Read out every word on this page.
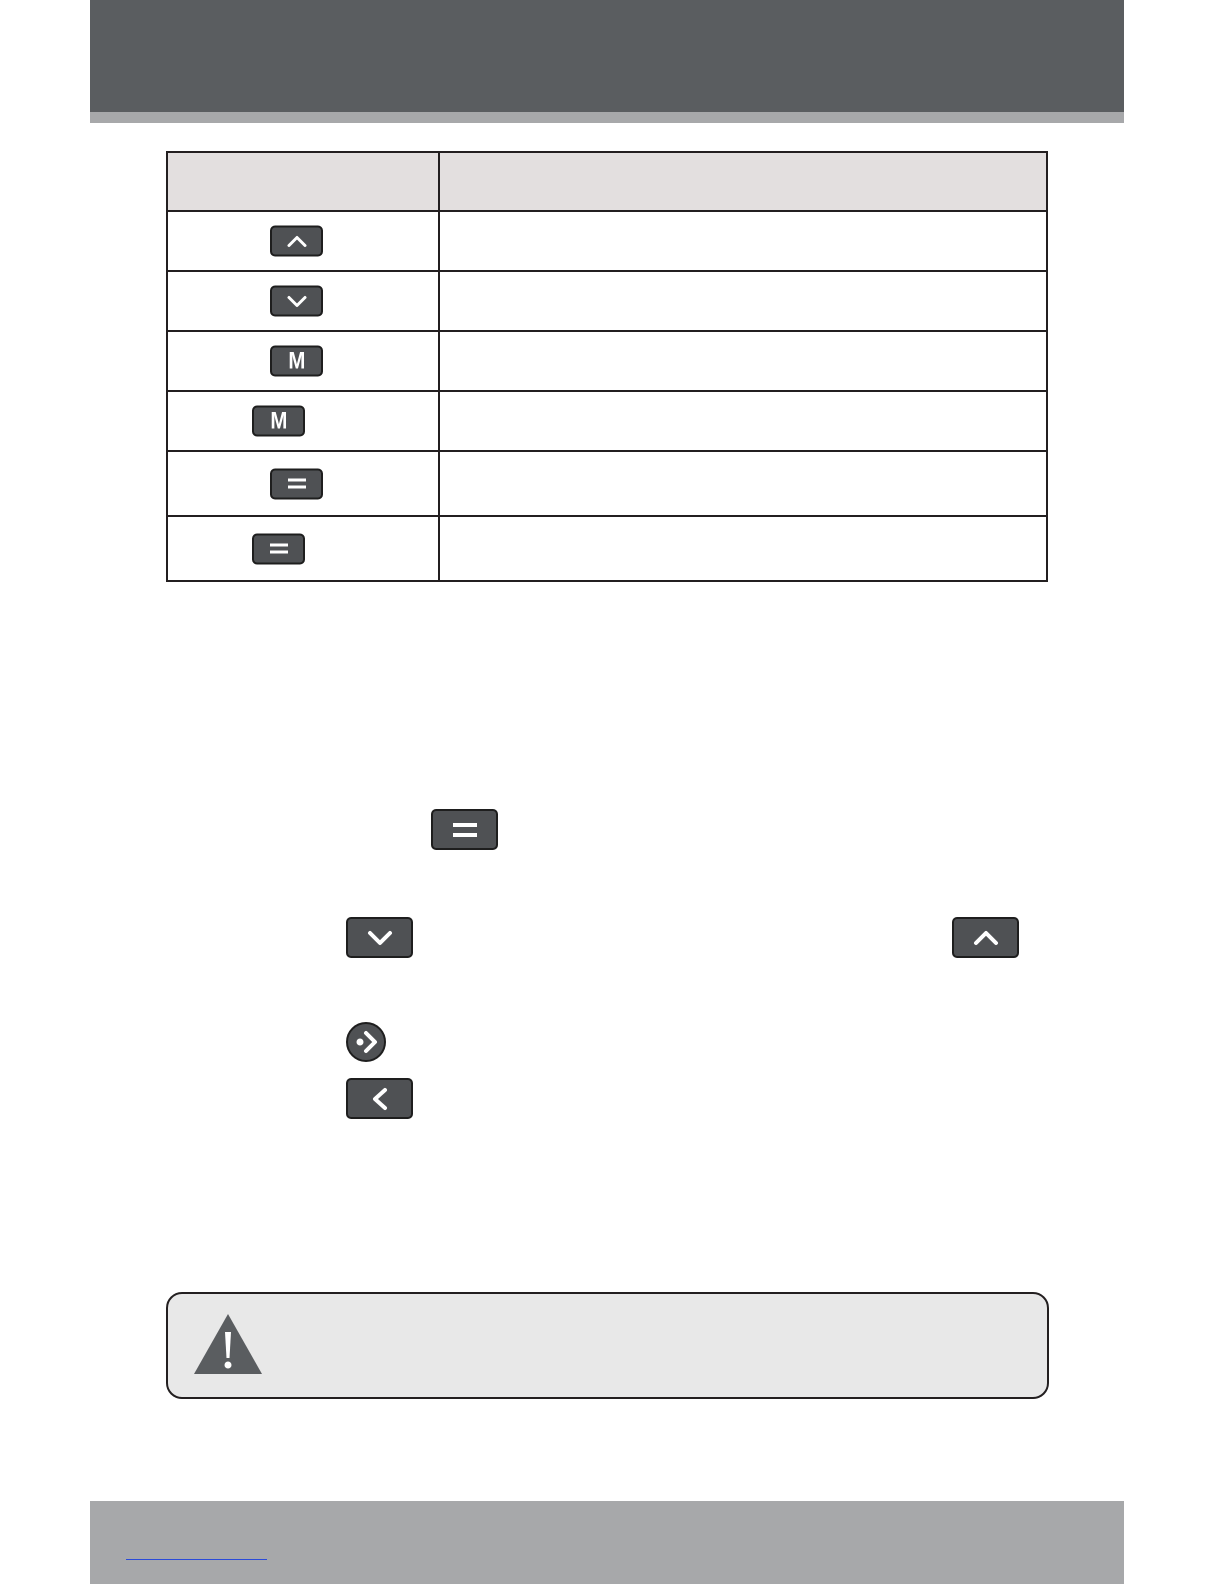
M	

M	
